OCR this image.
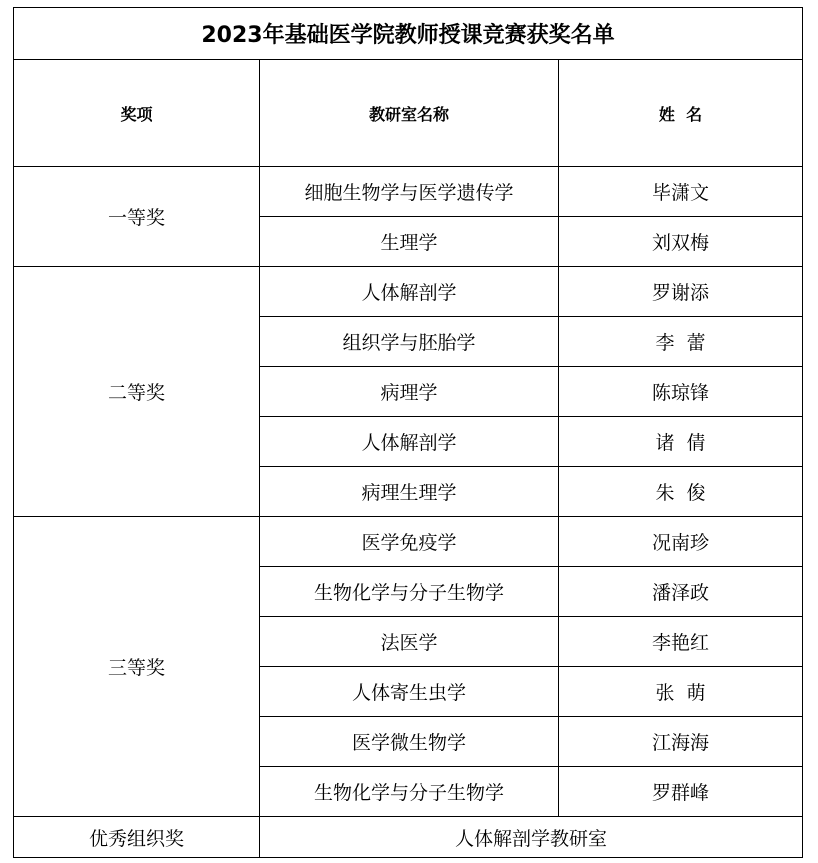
2023年基础医学院教师授课竞赛获奖名单		
奖项	教研室名称	姓  名
一等奖	细胞生物学与医学遗传学	毕潇文
	生理学	刘双梅
二等奖	人体解剖学	罗谢添
	组织学与胚胎学	李  蕾
	病理学	陈琼锋
	人体解剖学	诸  倩
	病理生理学	朱  俊
三等奖	医学免疫学	况南珍
	生物化学与分子生物学	潘泽政
	法医学	李艳红
	人体寄生虫学	张  萌
	医学微生物学	江海海
	生物化学与分子生物学	罗群峰
优秀组织奖	人体解剖学教研室	
